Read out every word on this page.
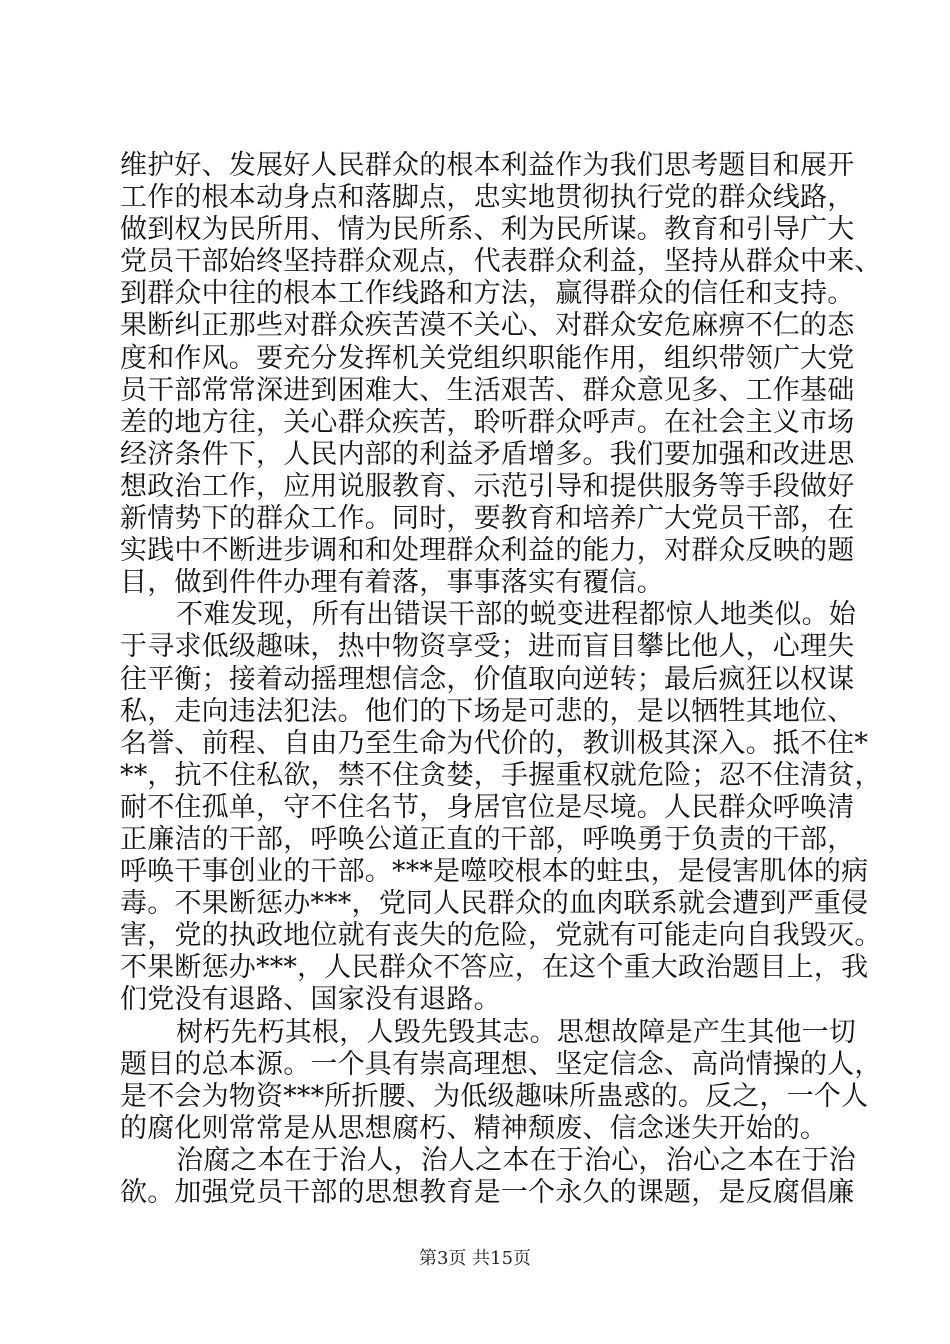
维护好、发展好人民群众的根本利益作为我们思考题目和展开
工作的根本动身点和落脚点，忠实地贯彻执行党的群众线路，
做到权为民所用、情为民所系、利为民所谋。教育和引导广大
党员干部始终坚持群众观点，代表群众利益，坚持从群众中来、
到群众中往的根本工作线路和方法，赢得群众的信任和支持。
果断纠正那些对群众疾苦漠不关心、对群众安危麻痹不仁的态
度和作风。要充分发挥机关党组织职能作用，组织带领广大党
员干部常常深进到困难大、生活艰苦、群众意见多、工作基础
差的地方往，关心群众疾苦，聆听群众呼声。在社会主义市场
经济条件下，人民内部的利益矛盾增多。我们要加强和改进思
想政治工作，应用说服教育、示范引导和提供服务等手段做好
新情势下的群众工作。同时，要教育和培养广大党员干部，在
实践中不断进步调和和处理群众利益的能力，对群众反映的题
目，做到件件办理有着落，事事落实有覆信。
不难发现，所有出错误干部的蜕变进程都惊人地类似。始
于寻求低级趣味，热中物资享受；进而盲目攀比他人，心理失
往平衡；接着动摇理想信念，价值取向逆转；最后疯狂以权谋
私，走向违法犯法。他们的下场是可悲的，是以牺牲其地位、
名誉、前程、自由乃至生命为代价的，教训极其深入。抵不住*
**，抗不住私欲，禁不住贪婪，手握重权就危险；忍不住清贫，
耐不住孤单，守不住名节，身居官位是尽境。人民群众呼唤清
正廉洁的干部，呼唤公道正直的干部，呼唤勇于负责的干部，
呼唤干事创业的干部。***是噬咬根本的蛀虫，是侵害肌体的病
毒。不果断惩办***，党同人民群众的血肉联系就会遭到严重侵
害，党的执政地位就有丧失的危险，党就有可能走向自我毁灭。
不果断惩办***，人民群众不答应，在这个重大政治题目上，我
们党没有退路、国家没有退路。
树朽先朽其根，人毁先毁其志。思想故障是产生其他一切
题目的总本源。一个具有崇高理想、坚定信念、高尚情操的人，
是不会为物资***所折腰、为低级趣味所蛊惑的。反之，一个人
的腐化则常常是从思想腐朽、精神颓废、信念迷失开始的。
治腐之本在于治人，治人之本在于治心，治心之本在于治
欲。加强党员干部的思想教育是一个永久的课题，是反腐倡廉
第3页 共15页
